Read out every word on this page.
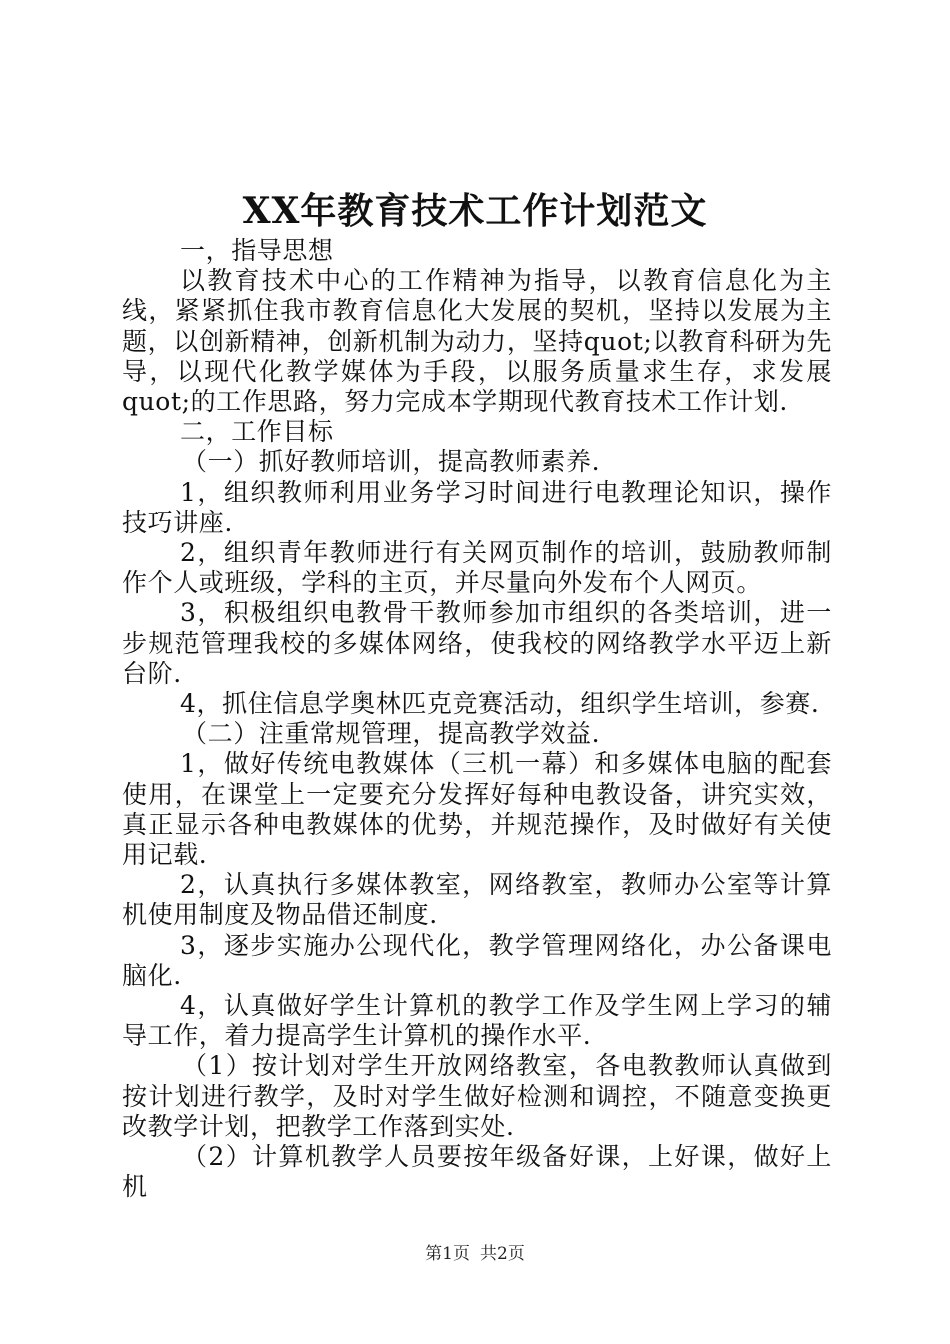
XX年教育技术工作计划范文

一，指导思想

以教育技术中心的工作精神为指导，以教育信息化为主线，紧紧抓住我市教育信息化大发展的契机，坚持以发展为主题，以创新精神，创新机制为动力，坚持quot;以教育科研为先导，以现代化教学媒体为手段，以服务质量求生存，求发展quot;的工作思路，努力完成本学期现代教育技术工作计划.

二，工作目标

（一）抓好教师培训，提高教师素养.

1，组织教师利用业务学习时间进行电教理论知识，操作技巧讲座.

2，组织青年教师进行有关网页制作的培训，鼓励教师制作个人或班级，学科的主页，并尽量向外发布个人网页。

3，积极组织电教骨干教师参加市组织的各类培训，进一步规范管理我校的多媒体网络，使我校的网络教学水平迈上新台阶.

4，抓住信息学奥林匹克竞赛活动，组织学生培训，参赛.

（二）注重常规管理，提高教学效益.

1，做好传统电教媒体（三机一幕）和多媒体电脑的配套使用，在课堂上一定要充分发挥好每种电教设备，讲究实效，真正显示各种电教媒体的优势，并规范操作，及时做好有关使用记载.

2，认真执行多媒体教室，网络教室，教师办公室等计算机使用制度及物品借还制度.

3，逐步实施办公现代化，教学管理网络化，办公备课电脑化.

4，认真做好学生计算机的教学工作及学生网上学习的辅导工作，着力提高学生计算机的操作水平.

（1）按计划对学生开放网络教室，各电教教师认真做到按计划进行教学，及时对学生做好检测和调控，不随意变换更改教学计划，把教学工作落到实处.

（2）计算机教学人员要按年级备好课，上好课，做好上机

第1页 共2页
